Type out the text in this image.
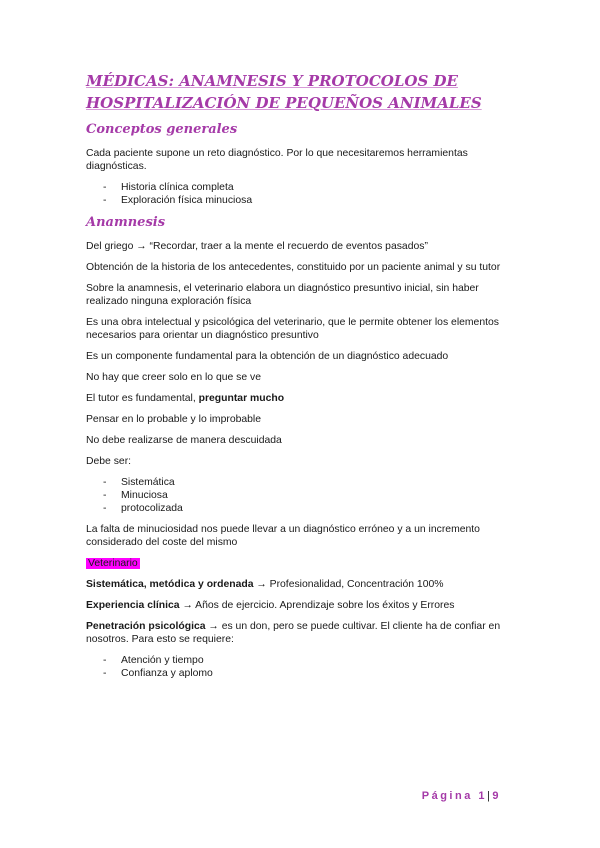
MÉDICAS: ANAMNESIS Y PROTOCOLOS DE HOSPITALIZACIÓN DE PEQUEÑOS ANIMALES
Conceptos generales

Cada paciente supone un reto diagnóstico. Por lo que necesitaremos herramientas diagnósticas.

- Historia clínica completa
- Exploración física minuciosa
Anamnesis

Del griego → “Recordar, traer a la mente el recuerdo de eventos pasados”

Obtención de la historia de los antecedentes, constituido por un paciente animal y su tutor

Sobre la anamnesis, el veterinario elabora un diagnóstico presuntivo inicial, sin haber realizado ninguna exploración física

Es una obra intelectual y psicológica del veterinario, que le permite obtener los elementos necesarios para orientar un diagnóstico presuntivo

Es un componente fundamental para la obtención de un diagnóstico adecuado

No hay que creer solo en lo que se ve

El tutor es fundamental, preguntar mucho

Pensar en lo probable y lo improbable

No debe realizarse de manera descuidada

Debe ser:

- Sistemática
- Minuciosa
- protocolizada

La falta de minuciosidad nos puede llevar a un diagnóstico erróneo y a un incremento considerado del coste del mismo

Veterinario

Sistemática, metódica y ordenada → Profesionalidad, Concentración 100%

Experiencia clínica → Años de ejercicio. Aprendizaje sobre los éxitos y Errores

Penetración psicológica → es un don, pero se puede cultivar. El cliente ha de confiar en nosotros. Para esto se requiere:

- Atención y tiempo
- Confianza y aplomo
Página 1|9
